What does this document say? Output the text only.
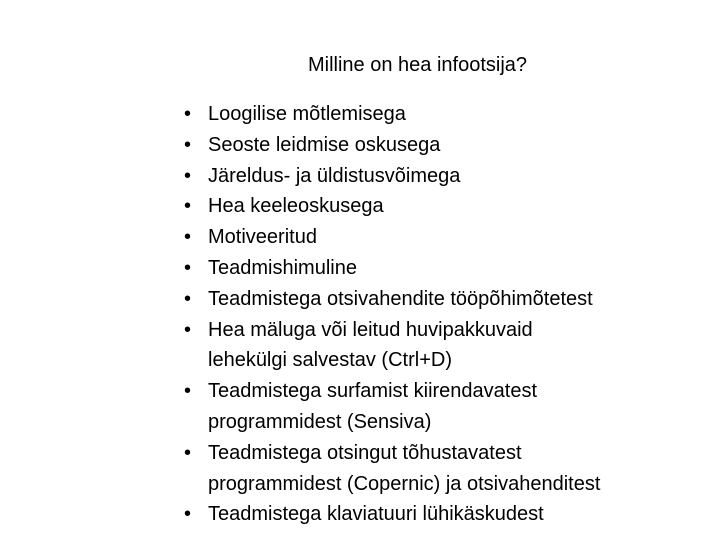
Milline on hea infootsija?
• Loogilise mõtlemisega
• Seoste leidmise oskusega
• Järeldus- ja üldistusvõimega
• Hea keeleoskusega
• Motiveeritud
• Teadmishimuline
• Teadmistega otsivahendite tööpõhimõtetest
• Hea mäluga või leitud huvipakkuvaid
lehekülgi salvestav (Ctrl+D)
• Teadmistega surfamist kiirendavatest
programmidest (Sensiva)
• Teadmistega otsingut tõhustavatest
programmidest (Copernic) ja otsivahenditest
• Teadmistega klaviatuuri lühikäskudest
